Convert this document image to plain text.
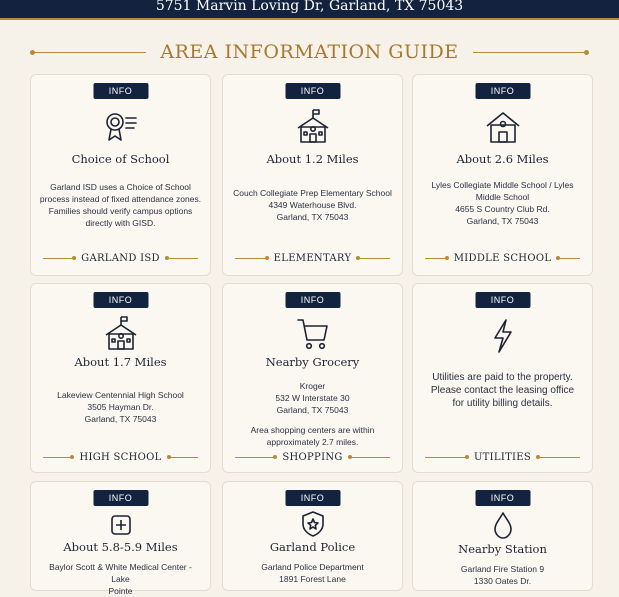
5751 Marvin Loving Dr, Garland, TX 75043
AREA INFORMATION GUIDE
INFO
Choice of School
Garland ISD uses a Choice of School
process instead of fixed attendance zones.
Families should verify campus options
directly with GISD.
GARLAND ISD
INFO
About 1.2 Miles
Couch Collegiate Prep Elementary School
4349 Waterhouse Blvd.
Garland, TX 75043
ELEMENTARY
INFO
About 2.6 Miles
Lyles Collegiate Middle School / Lyles
Middle School
4655 S Country Club Rd.
Garland, TX 75043
MIDDLE SCHOOL
INFO
About 1.7 Miles
Lakeview Centennial High School
3505 Hayman Dr.
Garland, TX 75043
HIGH SCHOOL
INFO
Nearby Grocery
Kroger
532 W Interstate 30
Garland, TX 75043
Area shopping centers are within
approximately 2.7 miles.
SHOPPING
INFO
Utilities are paid to the property.
Please contact the leasing office
for utility billing details.
UTILITIES
INFO
About 5.8-5.9 Miles
Baylor Scott & White Medical Center - Lake
Pointe
INFO
Garland Police
Garland Police Department
1891 Forest Lane
INFO
Nearby Station
Garland Fire Station 9
1330 Oates Dr.
